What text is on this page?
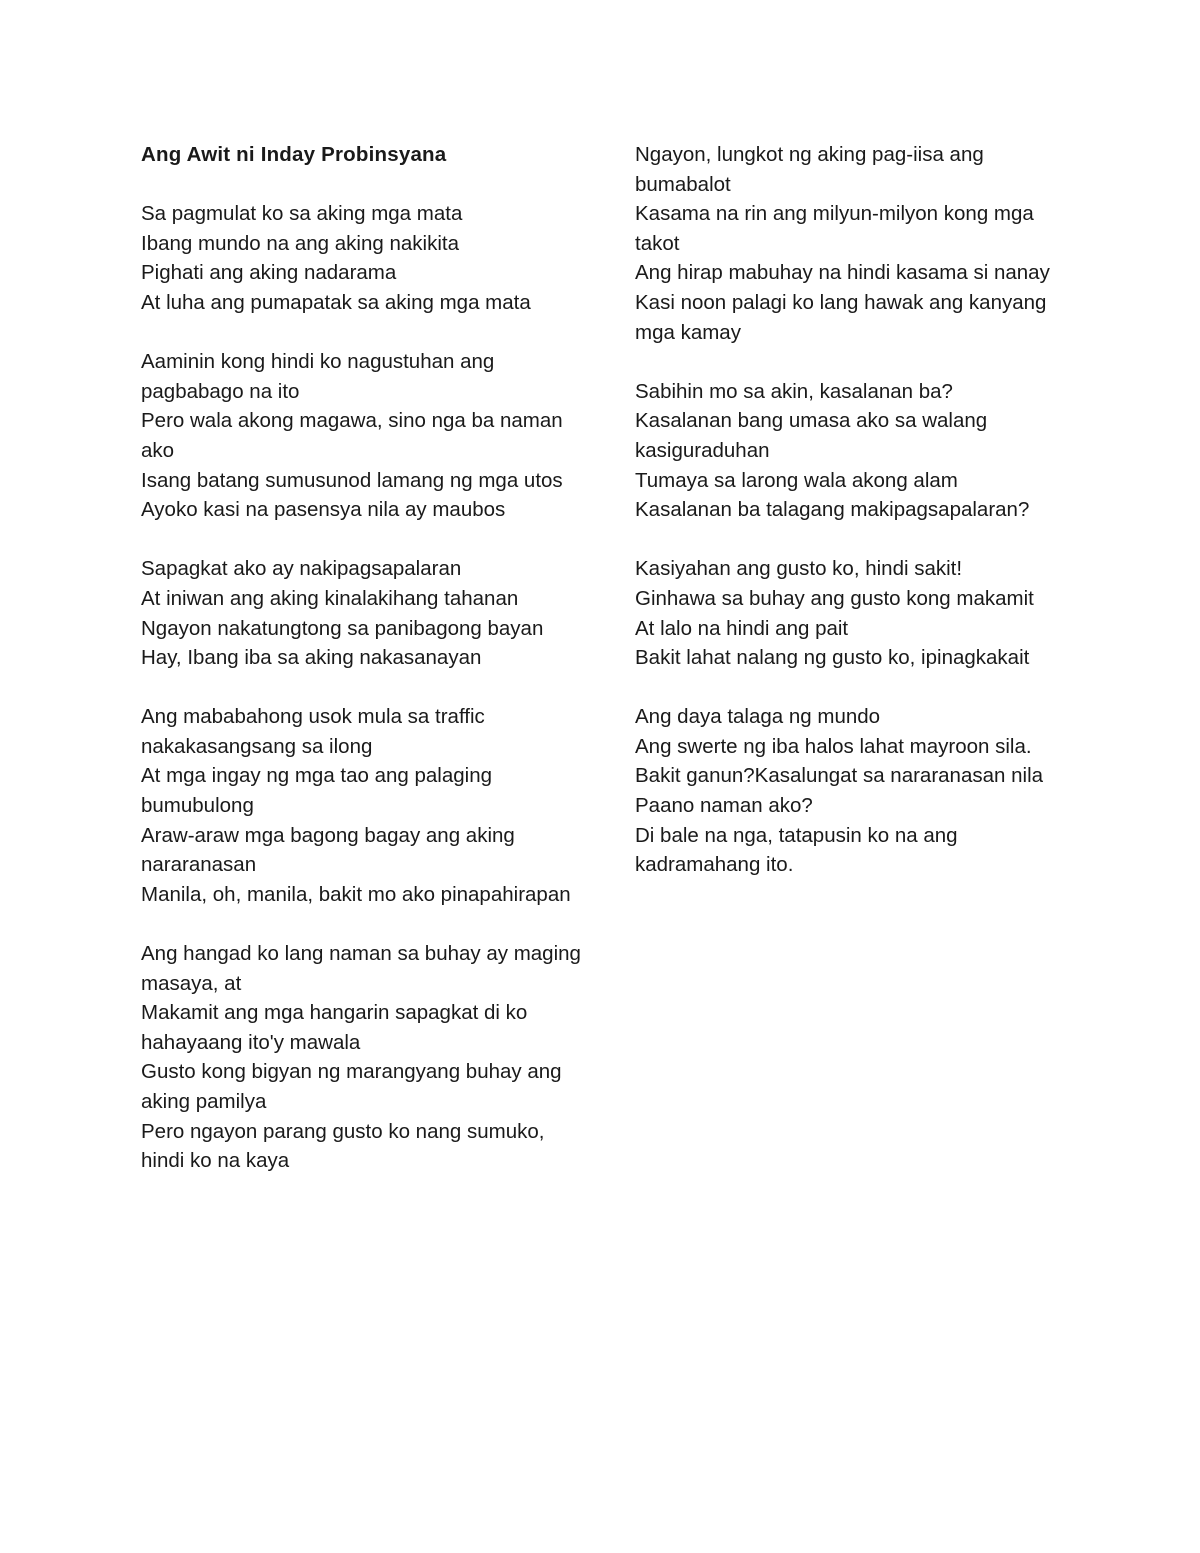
Ang Awit ni Inday Probinsyana
Sa pagmulat ko sa aking mga mata
Ibang mundo na ang aking nakikita
Pighati ang aking nadarama
At luha ang pumapatak sa aking mga mata
Aaminin kong hindi ko nagustuhan ang pagbabago na ito
Pero wala akong magawa, sino nga ba naman ako
Isang batang sumusunod lamang ng mga utos
Ayoko kasi na pasensya nila ay maubos
Sapagkat ako ay nakipagsapalaran
At iniwan ang aking kinalakihang tahanan
Ngayon nakatungtong sa panibagong bayan
Hay, Ibang iba sa aking nakasanayan
Ang mababahong usok mula sa traffic nakakasangsang sa ilong
At mga ingay ng mga tao ang palaging bumubulong
Araw-araw mga bagong bagay ang aking nararanasan
Manila, oh, manila, bakit mo ako pinapahirapan
Ang hangad ko lang naman sa buhay ay maging masaya, at
Makamit ang mga hangarin sapagkat di ko hahayaang ito'y mawala
Gusto kong bigyan ng marangyang buhay ang aking pamilya
Pero ngayon parang gusto ko nang sumuko, hindi ko na kaya
Ngayon, lungkot ng aking pag-iisa ang bumabalot
Kasama na rin ang milyun-milyon kong mga takot
Ang hirap mabuhay na hindi kasama si nanay
Kasi noon palagi ko lang hawak ang kanyang mga kamay
Sabihin mo sa akin, kasalanan ba?
Kasalanan bang umasa ako sa walang kasiguraduhan
Tumaya sa larong wala akong alam
Kasalanan ba talagang makipagsapalaran?
Kasiyahan ang gusto ko, hindi sakit!
Ginhawa sa buhay ang gusto kong makamit
At lalo na hindi ang pait
Bakit lahat nalang ng gusto ko, ipinagkakait
Ang daya talaga ng mundo
Ang swerte ng iba halos lahat mayroon sila.
Bakit ganun?Kasalungat sa nararanasan nila
Paano naman ako?
Di bale na nga, tatapusin ko na ang kadramahang ito.
